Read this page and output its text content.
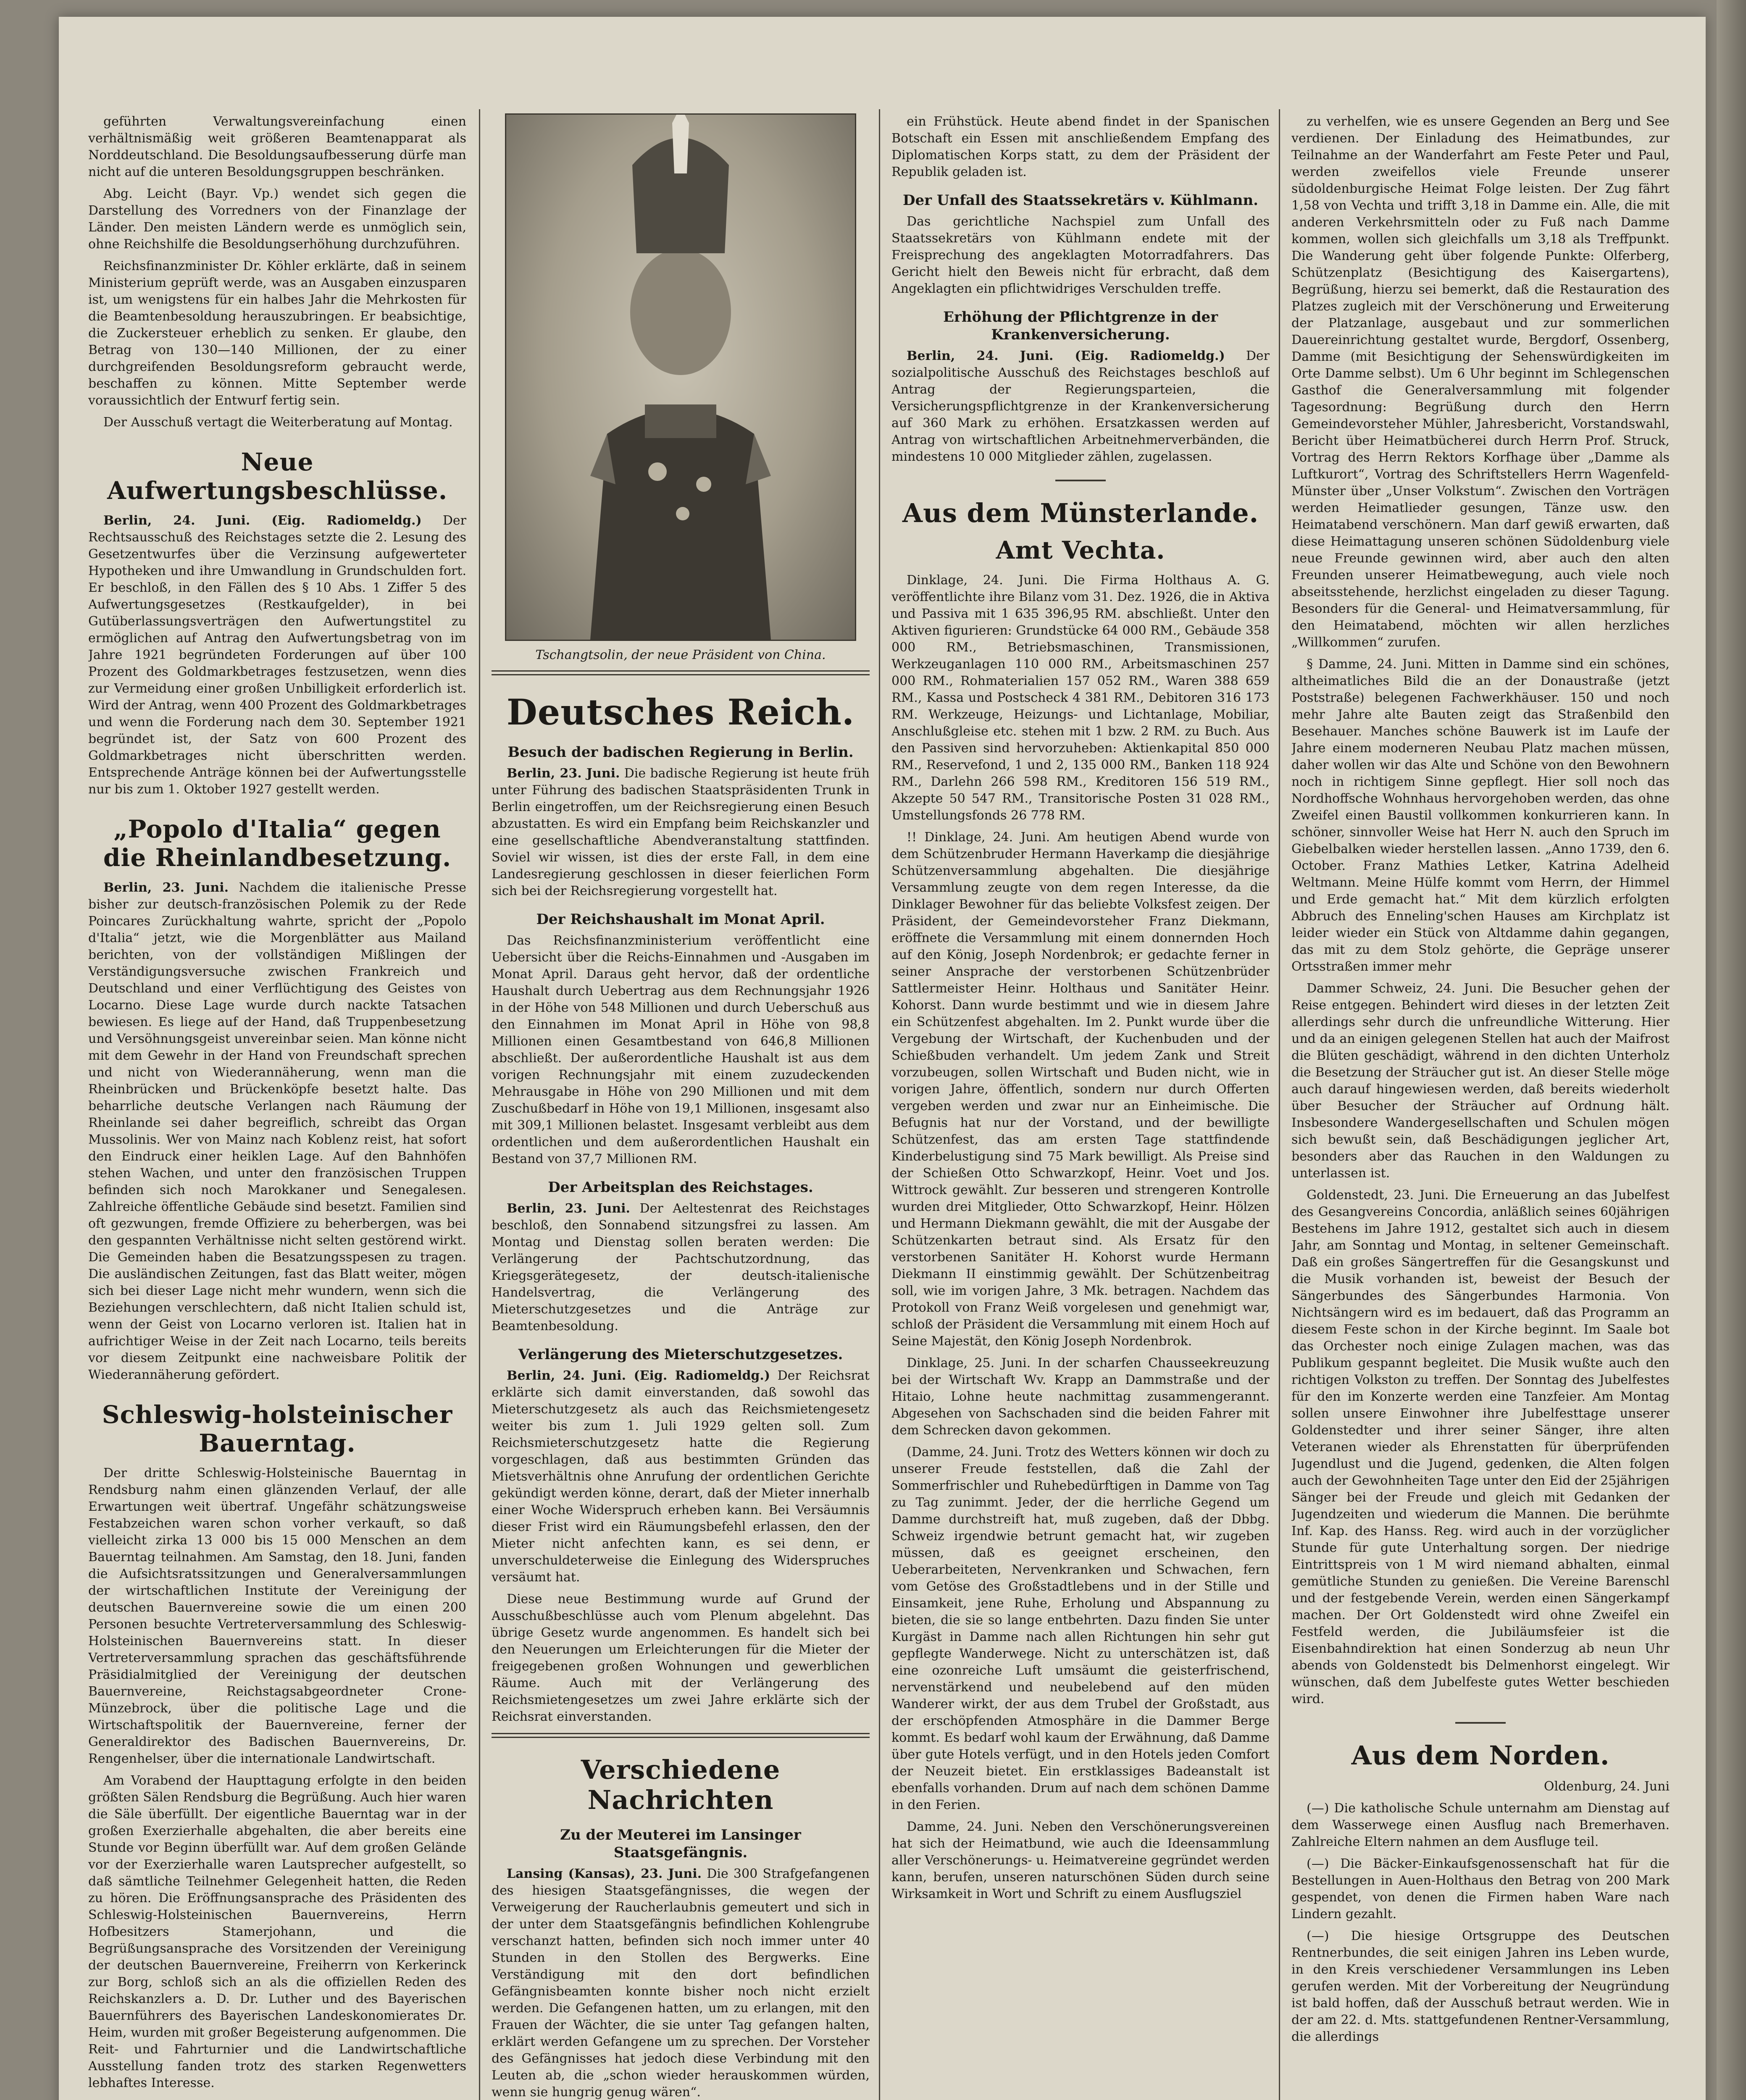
geführten Verwaltungsvereinfachung einen verhältnismäßig weit größeren Beamtenapparat als Norddeutschland. Die Besoldungsaufbesserung dürfe man nicht auf die unteren Besoldungsgruppen beschränken.

Abg. Leicht (Bayr. Vp.) wendet sich gegen die Darstellung des Vorredners von der Finanzlage der Länder. Den meisten Ländern werde es unmöglich sein, ohne Reichshilfe die Besoldungserhöhung durchzuführen.

Reichsfinanzminister Dr. Köhler erklärte, daß in seinem Ministerium geprüft werde, was an Ausgaben einzusparen ist, um wenigstens für ein halbes Jahr die Mehrkosten für die Beamtenbesoldung herauszubringen. Er beabsichtige, die Zuckersteuer erheblich zu senken. Er glaube, den Betrag von 130—140 Millionen, der zu einer durchgreifenden Besoldungsreform gebraucht werde, beschaffen zu können. Mitte September werde voraussichtlich der Entwurf fertig sein.

Der Ausschuß vertagt die Weiterberatung auf Montag.

Neue Aufwertungsbeschlüsse.

Berlin, 24. Juni. (Eig. Radiomeldg.) Der Rechtsausschuß des Reichstages setzte die 2. Lesung des Gesetzentwurfes über die Verzinsung aufgewerteter Hypotheken und ihre Umwandlung in Grundschulden fort. Er beschloß, in den Fällen des § 10 Abs. 1 Ziffer 5 des Aufwertungsgesetzes (Restkaufgelder), in bei Gutüberlassungsverträgen den Aufwertungstitel zu ermöglichen auf Antrag den Aufwertungsbetrag von im Jahre 1921 begründeten Forderungen auf über 100 Prozent des Goldmarkbetrages festzusetzen, wenn dies zur Vermeidung einer großen Unbilligkeit erforderlich ist. Wird der Antrag, wenn 400 Prozent des Goldmarkbetrages und wenn die Forderung nach dem 30. September 1921 begründet ist, der Satz von 600 Prozent des Goldmarkbetrages nicht überschritten werden. Entsprechende Anträge können bei der Aufwertungsstelle nur bis zum 1. Oktober 1927 gestellt werden.

„Popolo d'Italia“ gegen die Rheinlandbesetzung.

Berlin, 23. Juni. Nachdem die italienische Presse bisher zur deutsch-französischen Polemik zu der Rede Poincares Zurückhaltung wahrte, spricht der „Popolo d'Italia“ jetzt, wie die Morgenblätter aus Mailand berichten, von der vollständigen Mißlingen der Verständigungsversuche zwischen Frankreich und Deutschland und einer Verflüchtigung des Geistes von Locarno. Diese Lage wurde durch nackte Tatsachen bewiesen. Es liege auf der Hand, daß Truppenbesetzung und Versöhnungsgeist unvereinbar seien. Man könne nicht mit dem Gewehr in der Hand von Freundschaft sprechen und nicht von Wiederannäherung, wenn man die Rheinbrücken und Brückenköpfe besetzt halte. Das beharrliche deutsche Verlangen nach Räumung der Rheinlande sei daher begreiflich, schreibt das Organ Mussolinis. Wer von Mainz nach Koblenz reist, hat sofort den Eindruck einer heiklen Lage. Auf den Bahnhöfen stehen Wachen, und unter den französischen Truppen befinden sich noch Marokkaner und Senegalesen. Zahlreiche öffentliche Gebäude sind besetzt. Familien sind oft gezwungen, fremde Offiziere zu beherbergen, was bei den gespannten Verhältnisse nicht selten gestörend wirkt. Die Gemeinden haben die Besatzungsspesen zu tragen. Die ausländischen Zeitungen, fast das Blatt weiter, mögen sich bei dieser Lage nicht mehr wundern, wenn sich die Beziehungen verschlechtern, daß nicht Italien schuld ist, wenn der Geist von Locarno verloren ist. Italien hat in aufrichtiger Weise in der Zeit nach Locarno, teils bereits vor diesem Zeitpunkt eine nachweisbare Politik der Wiederannäherung gefördert.

Schleswig-holsteinischer Bauerntag.

Der dritte Schleswig-Holsteinische Bauerntag in Rendsburg nahm einen glänzenden Verlauf, der alle Erwartungen weit übertraf. Ungefähr schätzungsweise Festabzeichen waren schon vorher verkauft, so daß vielleicht zirka 13 000 bis 15 000 Menschen an dem Bauerntag teilnahmen. Am Samstag, den 18. Juni, fanden die Aufsichtsratssitzungen und Generalversammlungen der wirtschaftlichen Institute der Vereinigung der deutschen Bauernvereine sowie die um einen 200 Personen besuchte Vertreterversammlung des Schleswig-Holsteinischen Bauernvereins statt. In dieser Vertreterversammlung sprachen das geschäftsführende Präsidialmitglied der Vereinigung der deutschen Bauernvereine, Reichstagsabgeordneter Crone-Münzebrock, über die politische Lage und die Wirtschaftspolitik der Bauernvereine, ferner der Generaldirektor des Badischen Bauernvereins, Dr. Rengenhelser, über die internationale Landwirtschaft.

Am Vorabend der Haupttagung erfolgte in den beiden größten Sälen Rendsburg die Begrüßung. Auch hier waren die Säle überfüllt. Der eigentliche Bauerntag war in der großen Exerzierhalle abgehalten, die aber bereits eine Stunde vor Beginn überfüllt war. Auf dem großen Gelände vor der Exerzierhalle waren Lautsprecher aufgestellt, so daß sämtliche Teilnehmer Gelegenheit hatten, die Reden zu hören. Die Eröffnungsansprache des Präsidenten des Schleswig-Holsteinischen Bauernvereins, Herrn Hofbesitzers Stamerjohann, und die Begrüßungsansprache des Vorsitzenden der Vereinigung der deutschen Bauernvereine, Freiherrn von Kerkerinck zur Borg, schloß sich an als die offiziellen Reden des Reichskanzlers a. D. Dr. Luther und des Bayerischen Bauernführers des Bayerischen Landeskonomierates Dr. Heim, wurden mit großer Begeisterung aufgenommen. Die Reit- und Fahrturnier und die Landwirtschaftliche Ausstellung fanden trotz des starken Regenwetters lebhaftes Interesse.

Tschangtsolin, der neue Präsident von China.
Deutsches Reich.
Besuch der badischen Regierung in Berlin.

Berlin, 23. Juni. Die badische Regierung ist heute früh unter Führung des badischen Staatspräsidenten Trunk in Berlin eingetroffen, um der Reichsregierung einen Besuch abzustatten. Es wird ein Empfang beim Reichskanzler und eine gesellschaftliche Abendveranstaltung stattfinden. Soviel wir wissen, ist dies der erste Fall, in dem eine Landesregierung geschlossen in dieser feierlichen Form sich bei der Reichsregierung vorgestellt hat.

Der Reichshaushalt im Monat April.

Das Reichsfinanzministerium veröffentlicht eine Uebersicht über die Reichs-Einnahmen und -Ausgaben im Monat April. Daraus geht hervor, daß der ordentliche Haushalt durch Uebertrag aus dem Rechnungsjahr 1926 in der Höhe von 548 Millionen und durch Ueberschuß aus den Einnahmen im Monat April in Höhe von 98,8 Millionen einen Gesamtbestand von 646,8 Millionen abschließt. Der außerordentliche Haushalt ist aus dem vorigen Rechnungsjahr mit einem zuzudeckenden Mehrausgabe in Höhe von 290 Millionen und mit dem Zuschußbedarf in Höhe von 19,1 Millionen, insgesamt also mit 309,1 Millionen belastet. Insgesamt verbleibt aus dem ordentlichen und dem außerordentlichen Haushalt ein Bestand von 37,7 Millionen RM.

Der Arbeitsplan des Reichstages.

Berlin, 23. Juni. Der Aeltestenrat des Reichstages beschloß, den Sonnabend sitzungsfrei zu lassen. Am Montag und Dienstag sollen beraten werden: Die Verlängerung der Pachtschutzordnung, das Kriegsgerätegesetz, der deutsch-italienische Handelsvertrag, die Verlängerung des Mieterschutzgesetzes und die Anträge zur Beamtenbesoldung.

Verlängerung des Mieterschutzgesetzes.

Berlin, 24. Juni. (Eig. Radiomeldg.) Der Reichsrat erklärte sich damit einverstanden, daß sowohl das Mieterschutzgesetz als auch das Reichsmietengesetz weiter bis zum 1. Juli 1929 gelten soll. Zum Reichsmieterschutzgesetz hatte die Regierung vorgeschlagen, daß aus bestimmten Gründen das Mietsverhältnis ohne Anrufung der ordentlichen Gerichte gekündigt werden könne, derart, daß der Mieter innerhalb einer Woche Widerspruch erheben kann. Bei Versäumnis dieser Frist wird ein Räumungsbefehl erlassen, den der Mieter nicht anfechten kann, es sei denn, er unverschuldeterweise die Einlegung des Widerspruches versäumt hat.

Diese neue Bestimmung wurde auf Grund der Ausschußbeschlüsse auch vom Plenum abgelehnt. Das übrige Gesetz wurde angenommen. Es handelt sich bei den Neuerungen um Erleichterungen für die Mieter der freigegebenen großen Wohnungen und gewerblichen Räume. Auch mit der Verlängerung des Reichsmietengesetzes um zwei Jahre erklärte sich der Reichsrat einverstanden.

Verschiedene Nachrichten
Zu der Meuterei im Lansinger Staatsgefängnis.

Lansing (Kansas), 23. Juni. Die 300 Strafgefangenen des hiesigen Staatsgefängnisses, die wegen der Verweigerung der Raucherlaubnis gemeutert und sich in der unter dem Staatsgefängnis befindlichen Kohlengrube verschanzt hatten, befinden sich noch immer unter 40 Stunden in den Stollen des Bergwerks. Eine Verständigung mit den dort befindlichen Gefängnisbeamten konnte bisher noch nicht erzielt werden. Die Gefangenen hatten, um zu erlangen, mit den Frauen der Wächter, die sie unter Tag gefangen halten, erklärt werden Gefangene um zu sprechen. Der Vorsteher des Gefängnisses hat jedoch diese Verbindung mit den Leuten ab, die „schon wieder herauskommen würden, wenn sie hungrig genug wären“.

ein Frühstück. Heute abend findet in der Spanischen Botschaft ein Essen mit anschließendem Empfang des Diplomatischen Korps statt, zu dem der Präsident der Republik geladen ist.

Der Unfall des Staatssekretärs v. Kühlmann.

Das gerichtliche Nachspiel zum Unfall des Staatssekretärs von Kühlmann endete mit der Freisprechung des angeklagten Motorradfahrers. Das Gericht hielt den Beweis nicht für erbracht, daß dem Angeklagten ein pflichtwidriges Verschulden treffe.

Erhöhung der Pflichtgrenze in der Krankenversicherung.

Berlin, 24. Juni. (Eig. Radiomeldg.) Der sozialpolitische Ausschuß des Reichstages beschloß auf Antrag der Regierungsparteien, die Versicherungspflichtgrenze in der Krankenversicherung auf 360 Mark zu erhöhen. Ersatzkassen werden auf Antrag von wirtschaftlichen Arbeitnehmerverbänden, die mindestens 10 000 Mitglieder zählen, zugelassen.

Aus dem Münsterlande.
Amt Vechta.

Dinklage, 24. Juni. Die Firma Holthaus A. G. veröffentlichte ihre Bilanz vom 31. Dez. 1926, die in Aktiva und Passiva mit 1 635 396,95 RM. abschließt. Unter den Aktiven figurieren: Grundstücke 64 000 RM., Gebäude 358 000 RM., Betriebsmaschinen, Transmissionen, Werkzeuganlagen 110 000 RM., Arbeitsmaschinen 257 000 RM., Rohmaterialien 157 052 RM., Waren 388 659 RM., Kassa und Postscheck 4 381 RM., Debitoren 316 173 RM. Werkzeuge, Heizungs- und Lichtanlage, Mobiliar, Anschlußgleise etc. stehen mit 1 bzw. 2 RM. zu Buch. Aus den Passiven sind hervorzuheben: Aktienkapital 850 000 RM., Reservefond, 1 und 2, 135 000 RM., Banken 118 924 RM., Darlehn 266 598 RM., Kreditoren 156 519 RM., Akzepte 50 547 RM., Transitorische Posten 31 028 RM., Umstellungsfonds 26 778 RM.

!! Dinklage, 24. Juni. Am heutigen Abend wurde von dem Schützenbruder Hermann Haverkamp die diesjährige Schützenversammlung abgehalten. Die diesjährige Versammlung zeugte von dem regen Interesse, da die Dinklager Bewohner für das beliebte Volksfest zeigen. Der Präsident, der Gemeindevorsteher Franz Diekmann, eröffnete die Versammlung mit einem donnernden Hoch auf den König, Joseph Nordenbrok; er gedachte ferner in seiner Ansprache der verstorbenen Schützenbrüder Sattlermeister Heinr. Holthaus und Sanitäter Heinr. Kohorst. Dann wurde bestimmt und wie in diesem Jahre ein Schützenfest abgehalten. Im 2. Punkt wurde über die Vergebung der Wirtschaft, der Kuchenbuden und der Schießbuden verhandelt. Um jedem Zank und Streit vorzubeugen, sollen Wirtschaft und Buden nicht, wie in vorigen Jahre, öffentlich, sondern nur durch Offerten vergeben werden und zwar nur an Einheimische. Die Befugnis hat nur der Vorstand, und der bewilligte Schützenfest, das am ersten Tage stattfindende Kinderbelustigung sind 75 Mark bewilligt. Als Preise sind der Schießen Otto Schwarzkopf, Heinr. Voet und Jos. Wittrock gewählt. Zur besseren und strengeren Kontrolle wurden drei Mitglieder, Otto Schwarzkopf, Heinr. Hölzen und Hermann Diekmann gewählt, die mit der Ausgabe der Schützenkarten betraut sind. Als Ersatz für den verstorbenen Sanitäter H. Kohorst wurde Hermann Diekmann II einstimmig gewählt. Der Schützenbeitrag soll, wie im vorigen Jahre, 3 Mk. betragen. Nachdem das Protokoll von Franz Weiß vorgelesen und genehmigt war, schloß der Präsident die Versammlung mit einem Hoch auf Seine Majestät, den König Joseph Nordenbrok.

Dinklage, 25. Juni. In der scharfen Chausseekreuzung bei der Wirtschaft Wv. Krapp an Dammstraße und der Hitaio, Lohne heute nachmittag zusammengerannt. Abgesehen von Sachschaden sind die beiden Fahrer mit dem Schrecken davon gekommen.

(Damme, 24. Juni. Trotz des Wetters können wir doch zu unserer Freude feststellen, daß die Zahl der Sommerfrischler und Ruhebedürftigen in Damme von Tag zu Tag zunimmt. Jeder, der die herrliche Gegend um Damme durchstreift hat, muß zugeben, daß der Dbbg. Schweiz irgendwie betrunt gemacht hat, wir zugeben müssen, daß es geeignet erscheinen, den Ueberarbeiteten, Nervenkranken und Schwachen, fern vom Getöse des Großstadtlebens und in der Stille und Einsamkeit, jene Ruhe, Erholung und Abspannung zu bieten, die sie so lange entbehrten. Dazu finden Sie unter Kurgäst in Damme nach allen Richtungen hin sehr gut gepflegte Wanderwege. Nicht zu unterschätzen ist, daß eine ozonreiche Luft umsäumt die geisterfrischend, nervenstärkend und neubelebend auf den müden Wanderer wirkt, der aus dem Trubel der Großstadt, aus der erschöpfenden Atmosphäre in die Dammer Berge kommt. Es bedarf wohl kaum der Erwähnung, daß Damme über gute Hotels verfügt, und in den Hotels jeden Comfort der Neuzeit bietet. Ein erstklassiges Badeanstalt ist ebenfalls vorhanden. Drum auf nach dem schönen Damme in den Ferien.

Damme, 24. Juni. Neben den Verschönerungsvereinen hat sich der Heimatbund, wie auch die Ideensammlung aller Verschönerungs- u. Heimatvereine gegründet werden kann, berufen, unseren naturschönen Süden durch seine Wirksamkeit in Wort und Schrift zu einem Ausflugsziel

zu verhelfen, wie es unsere Gegenden an Berg und See verdienen. Der Einladung des Heimatbundes, zur Teilnahme an der Wanderfahrt am Feste Peter und Paul, werden zweifellos viele Freunde unserer südoldenburgische Heimat Folge leisten. Der Zug fährt 1,58 von Vechta und trifft 3,18 in Damme ein. Alle, die mit anderen Verkehrsmitteln oder zu Fuß nach Damme kommen, wollen sich gleichfalls um 3,18 als Treffpunkt. Die Wanderung geht über folgende Punkte: Olferberg, Schützenplatz (Besichtigung des Kaisergartens), Begrüßung, hierzu sei bemerkt, daß die Restauration des Platzes zugleich mit der Verschönerung und Erweiterung der Platzanlage, ausgebaut und zur sommerlichen Dauereinrichtung gestaltet wurde, Bergdorf, Ossenberg, Damme (mit Besichtigung der Sehenswürdigkeiten im Orte Damme selbst). Um 6 Uhr beginnt im Schlegenschen Gasthof die Generalversammlung mit folgender Tagesordnung: Begrüßung durch den Herrn Gemeindevorsteher Mühler, Jahresbericht, Vorstandswahl, Bericht über Heimatbücherei durch Herrn Prof. Struck, Vortrag des Herrn Rektors Korfhage über „Damme als Luftkurort“, Vortrag des Schriftstellers Herrn Wagenfeld-Münster über „Unser Volkstum“. Zwischen den Vorträgen werden Heimatlieder gesungen, Tänze usw. den Heimatabend verschönern. Man darf gewiß erwarten, daß diese Heimattagung unseren schönen Südoldenburg viele neue Freunde gewinnen wird, aber auch den alten Freunden unserer Heimatbewegung, auch viele noch abseitsstehende, herzlichst eingeladen zu dieser Tagung. Besonders für die General- und Heimatversammlung, für den Heimatabend, möchten wir allen herzliches „Willkommen“ zurufen.

§ Damme, 24. Juni. Mitten in Damme sind ein schönes, altheimatliches Bild die an der Donaustraße (jetzt Poststraße) belegenen Fachwerkhäuser. 150 und noch mehr Jahre alte Bauten zeigt das Straßenbild den Besehauer. Manches schöne Bauwerk ist im Laufe der Jahre einem moderneren Neubau Platz machen müssen, daher wollen wir das Alte und Schöne von den Bewohnern noch in richtigem Sinne gepflegt. Hier soll noch das Nordhoffsche Wohnhaus hervorgehoben werden, das ohne Zweifel einen Baustil vollkommen konkurrieren kann. In schöner, sinnvoller Weise hat Herr N. auch den Spruch im Giebelbalken wieder herstellen lassen. „Anno 1739, den 6. October. Franz Mathies Letker, Katrina Adelheid Weltmann. Meine Hülfe kommt vom Herrn, der Himmel und Erde gemacht hat.“ Mit dem kürzlich erfolgten Abbruch des Enneling'schen Hauses am Kirchplatz ist leider wieder ein Stück von Altdamme dahin gegangen, das mit zu dem Stolz gehörte, die Gepräge unserer Ortsstraßen immer mehr

Dammer Schweiz, 24. Juni. Die Besucher gehen der Reise entgegen. Behindert wird dieses in der letzten Zeit allerdings sehr durch die unfreundliche Witterung. Hier und da an einigen gelegenen Stellen hat auch der Maifrost die Blüten geschädigt, während in den dichten Unterholz die Besetzung der Sträucher gut ist. An dieser Stelle möge auch darauf hingewiesen werden, daß bereits wiederholt über Besucher der Sträucher auf Ordnung hält. Insbesondere Wandergesellschaften und Schulen mögen sich bewußt sein, daß Beschädigungen jeglicher Art, besonders aber das Rauchen in den Waldungen zu unterlassen ist.

Goldenstedt, 23. Juni. Die Erneuerung an das Jubelfest des Gesangvereins Concordia, anläßlich seines 60jährigen Bestehens im Jahre 1912, gestaltet sich auch in diesem Jahr, am Sonntag und Montag, in seltener Gemeinschaft. Daß ein großes Sängertreffen für die Gesangskunst und die Musik vorhanden ist, beweist der Besuch der Sängerbundes des Sängerbundes Harmonia. Von Nichtsängern wird es im bedauert, daß das Programm an diesem Feste schon in der Kirche beginnt. Im Saale bot das Orchester noch einige Zulagen machen, was das Publikum gespannt begleitet. Die Musik wußte auch den richtigen Volkston zu treffen. Der Sonntag des Jubelfestes für den im Konzerte werden eine Tanzfeier. Am Montag sollen unsere Einwohner ihre Jubelfesttage unserer Goldenstedter und ihrer seiner Sänger, ihre alten Veteranen wieder als Ehrenstatten für überprüfenden Jugendlust und die Jugend, gedenken, die Alten folgen auch der Gewohnheiten Tage unter den Eid der 25jährigen Sänger bei der Freude und gleich mit Gedanken der Jugendzeiten und wiederum die Mannen. Die berühmte Inf. Kap. des Hanss. Reg. wird auch in der vorzüglicher Stunde für gute Unterhaltung sorgen. Der niedrige Eintrittspreis von 1 M wird niemand abhalten, einmal gemütliche Stunden zu genießen. Die Vereine Barenschl und der festgebende Verein, werden einen Sängerkampf machen. Der Ort Goldenstedt wird ohne Zweifel ein Festfeld werden, die Jubiläumsfeier ist die Eisenbahndirektion hat einen Sonderzug ab neun Uhr abends von Goldenstedt bis Delmenhorst eingelegt. Wir wünschen, daß dem Jubelfeste gutes Wetter beschieden wird.

Aus dem Norden.

Oldenburg, 24. Juni

(—) Die katholische Schule unternahm am Dienstag auf dem Wasserwege einen Ausflug nach Bremerhaven. Zahlreiche Eltern nahmen an dem Ausfluge teil.

(—) Die Bäcker-Einkaufsgenossenschaft hat für die Bestellungen in Auen-Holthaus den Betrag von 200 Mark gespendet, von denen die Firmen haben Ware nach Lindern gezahlt.

(—) Die hiesige Ortsgruppe des Deutschen Rentnerbundes, die seit einigen Jahren ins Leben wurde, in den Kreis verschiedener Versammlungen ins Leben gerufen werden. Mit der Vorbereitung der Neugründung ist bald hoffen, daß der Ausschuß betraut werden. Wie in der am 22. d. Mts. stattgefundenen Rentner-Versammlung, die allerdings
